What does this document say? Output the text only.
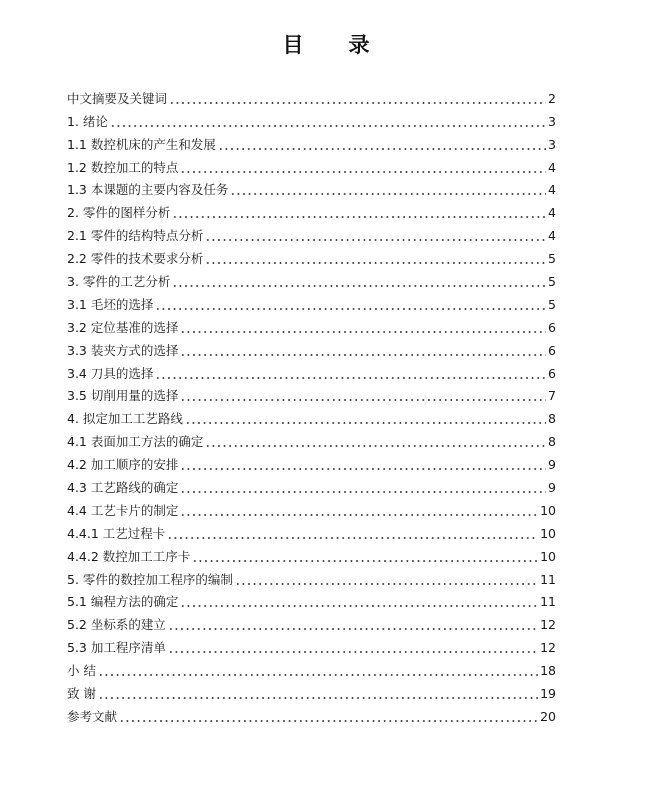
目 录
中文摘要及关键词	2
1. 绪论	3
1.1 数控机床的产生和发展	3
1.2 数控加工的特点	4
1.3 本课题的主要内容及任务	4
2. 零件的图样分析	4
2.1 零件的结构特点分析	4
2.2 零件的技术要求分析	5
3. 零件的工艺分析	5
3.1 毛坯的选择	5
3.2 定位基准的选择	6
3.3 装夹方式的选择	6
3.4 刀具的选择	6
3.5 切削用量的选择	7
4. 拟定加工工艺路线	8
4.1 表面加工方法的确定	8
4.2 加工顺序的安排	9
4.3 工艺路线的确定	9
4.4 工艺卡片的制定	10
4.4.1 工艺过程卡	10
4.4.2 数控加工工序卡	10
5. 零件的数控加工程序的编制	11
5.1 编程方法的确定	11
5.2 坐标系的建立	12
5.3 加工程序清单	12
小 结	18
致 谢	19
参考文献	20
